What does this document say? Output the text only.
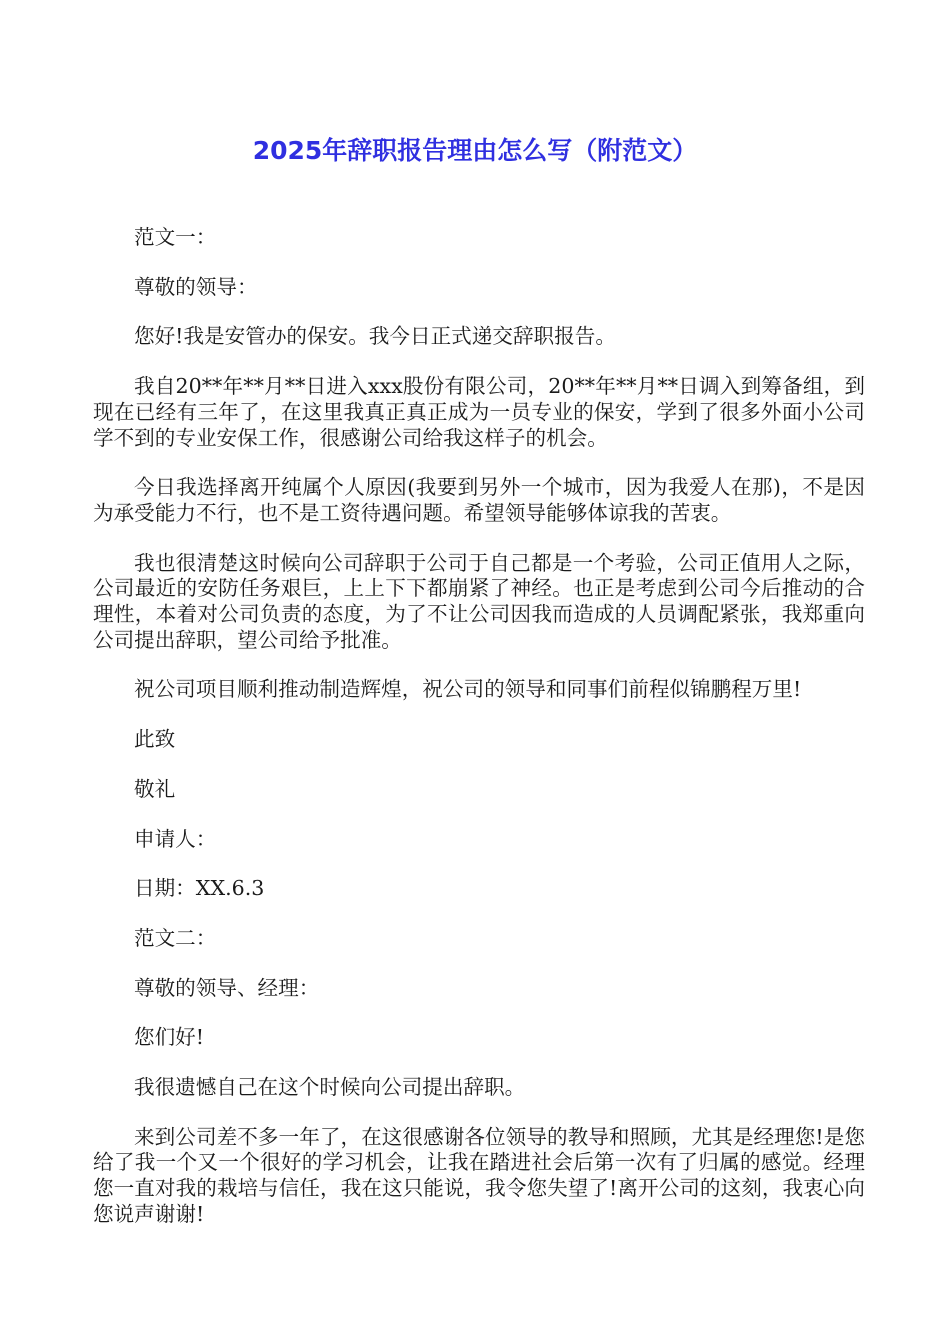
2025年辞职报告理由怎么写（附范文）

范文一：

尊敬的领导：

您好!我是安管办的保安。我今日正式递交辞职报告。

我自20**年**月**日进入xxx股份有限公司，20**年**月**日调入到筹备组，到现在已经有三年了，在这里我真正真正成为一员专业的保安，学到了很多外面小公司学不到的专业安保工作，很感谢公司给我这样子的机会。

今日我选择离开纯属个人原因(我要到另外一个城市，因为我爱人在那)，不是因为承受能力不行，也不是工资待遇问题。希望领导能够体谅我的苦衷。

我也很清楚这时候向公司辞职于公司于自己都是一个考验，公司正值用人之际，公司最近的安防任务艰巨，上上下下都崩紧了神经。也正是考虑到公司今后推动的合理性，本着对公司负责的态度，为了不让公司因我而造成的人员调配紧张，我郑重向公司提出辞职，望公司给予批准。

祝公司项目顺利推动制造辉煌，祝公司的领导和同事们前程似锦鹏程万里!

此致

敬礼

申请人：

日期：XX.6.3

范文二：

尊敬的领导、经理：

您们好!

我很遗憾自己在这个时候向公司提出辞职。

来到公司差不多一年了，在这很感谢各位领导的教导和照顾，尤其是经理您!是您给了我一个又一个很好的学习机会，让我在踏进社会后第一次有了归属的感觉。经理您一直对我的栽培与信任，我在这只能说，我令您失望了!离开公司的这刻，我衷心向您说声谢谢!
